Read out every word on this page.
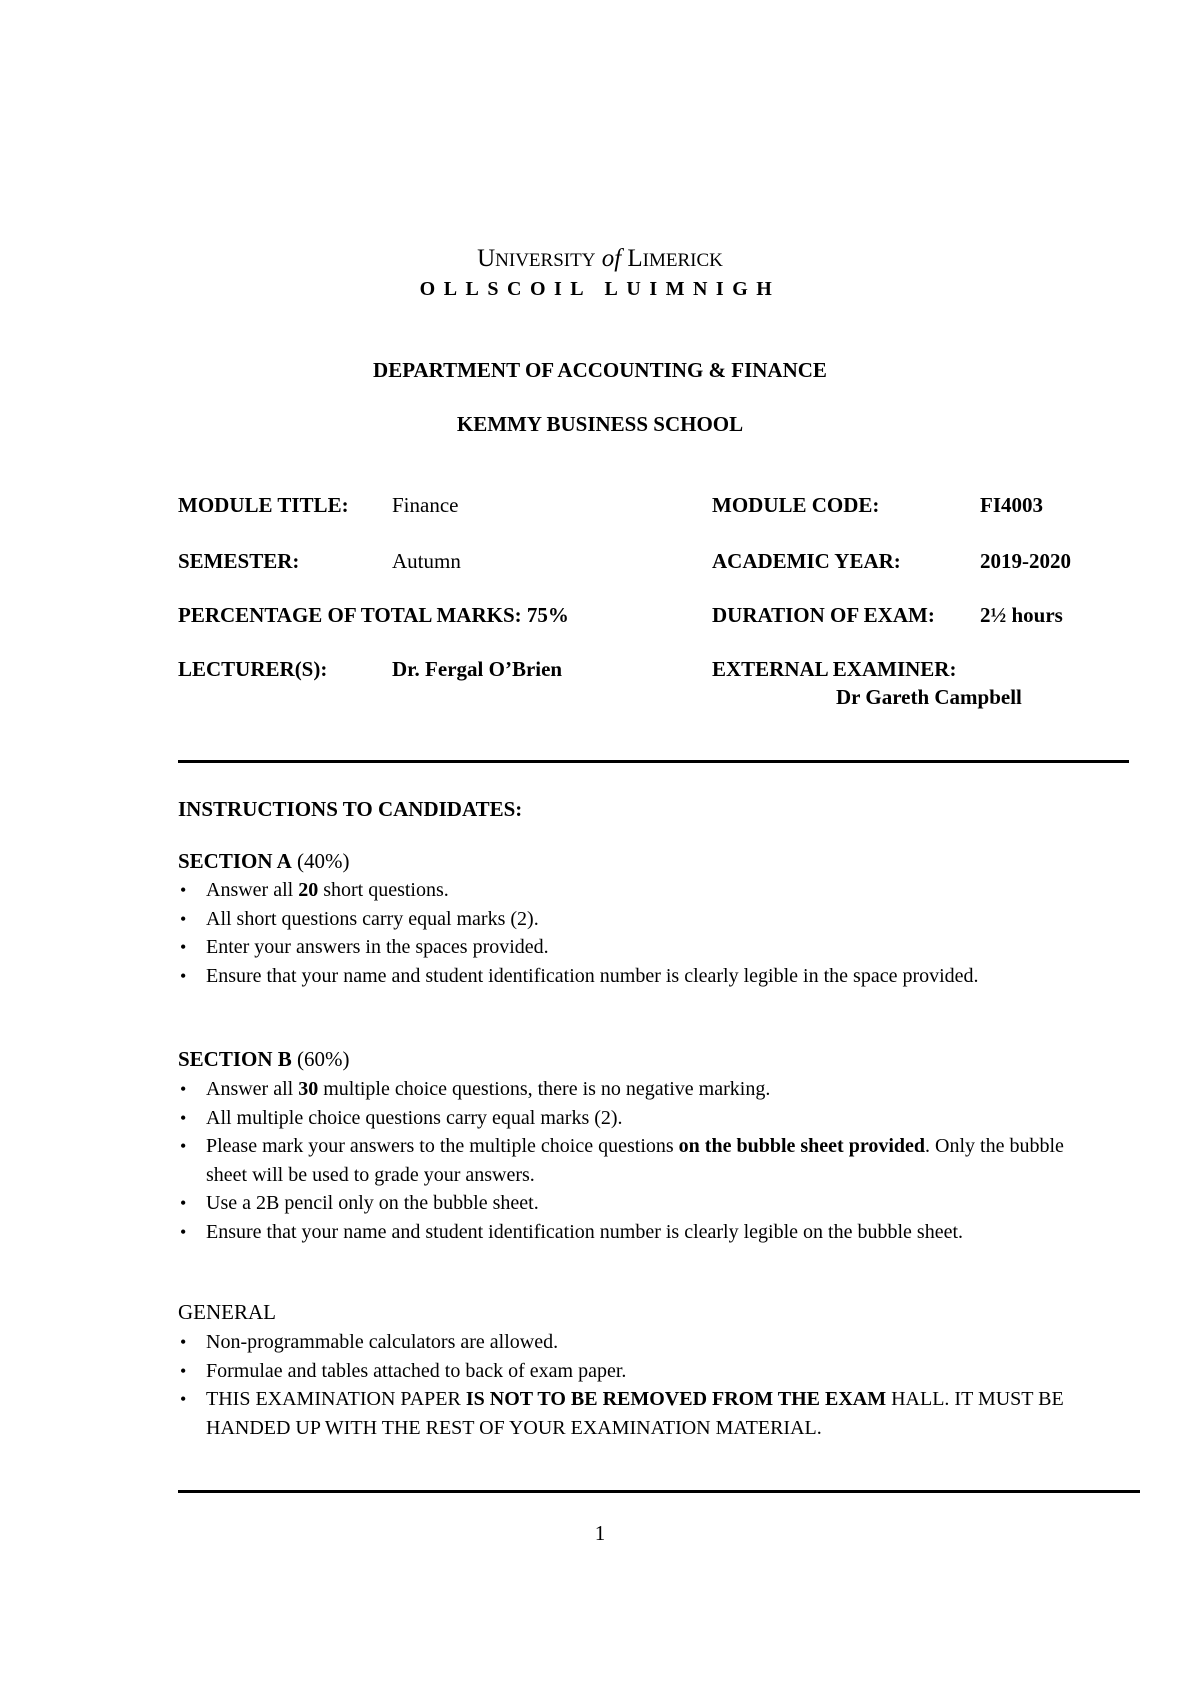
UNIVERSITY of LIMERICK
OLLSCOIL LUIMNIGH
DEPARTMENT OF ACCOUNTING & FINANCE
KEMMY BUSINESS SCHOOL
MODULE TITLE: Finance	MODULE CODE:	FI4003
SEMESTER:	Autumn	ACADEMIC YEAR:	2019-2020
PERCENTAGE OF TOTAL MARKS: 75%	DURATION OF EXAM: 2½ hours
LECTURER(S):	Dr. Fergal O’Brien	EXTERNAL EXAMINER:
Dr Gareth Campbell
INSTRUCTIONS TO CANDIDATES:
SECTION A (40%)
• Answer all 20 short questions.
• All short questions carry equal marks (2).
• Enter your answers in the spaces provided.
• Ensure that your name and student identification number is clearly legible in the space provided.
SECTION B (60%)
• Answer all 30 multiple choice questions, there is no negative marking.
• All multiple choice questions carry equal marks (2).
• Please mark your answers to the multiple choice questions on the bubble sheet provided. Only the bubble sheet will be used to grade your answers.
• Use a 2B pencil only on the bubble sheet.
• Ensure that your name and student identification number is clearly legible on the bubble sheet.
GENERAL
• Non-programmable calculators are allowed.
• Formulae and tables attached to back of exam paper.
• THIS EXAMINATION PAPER IS NOT TO BE REMOVED FROM THE EXAM HALL. IT MUST BE HANDED UP WITH THE REST OF YOUR EXAMINATION MATERIAL.
1
